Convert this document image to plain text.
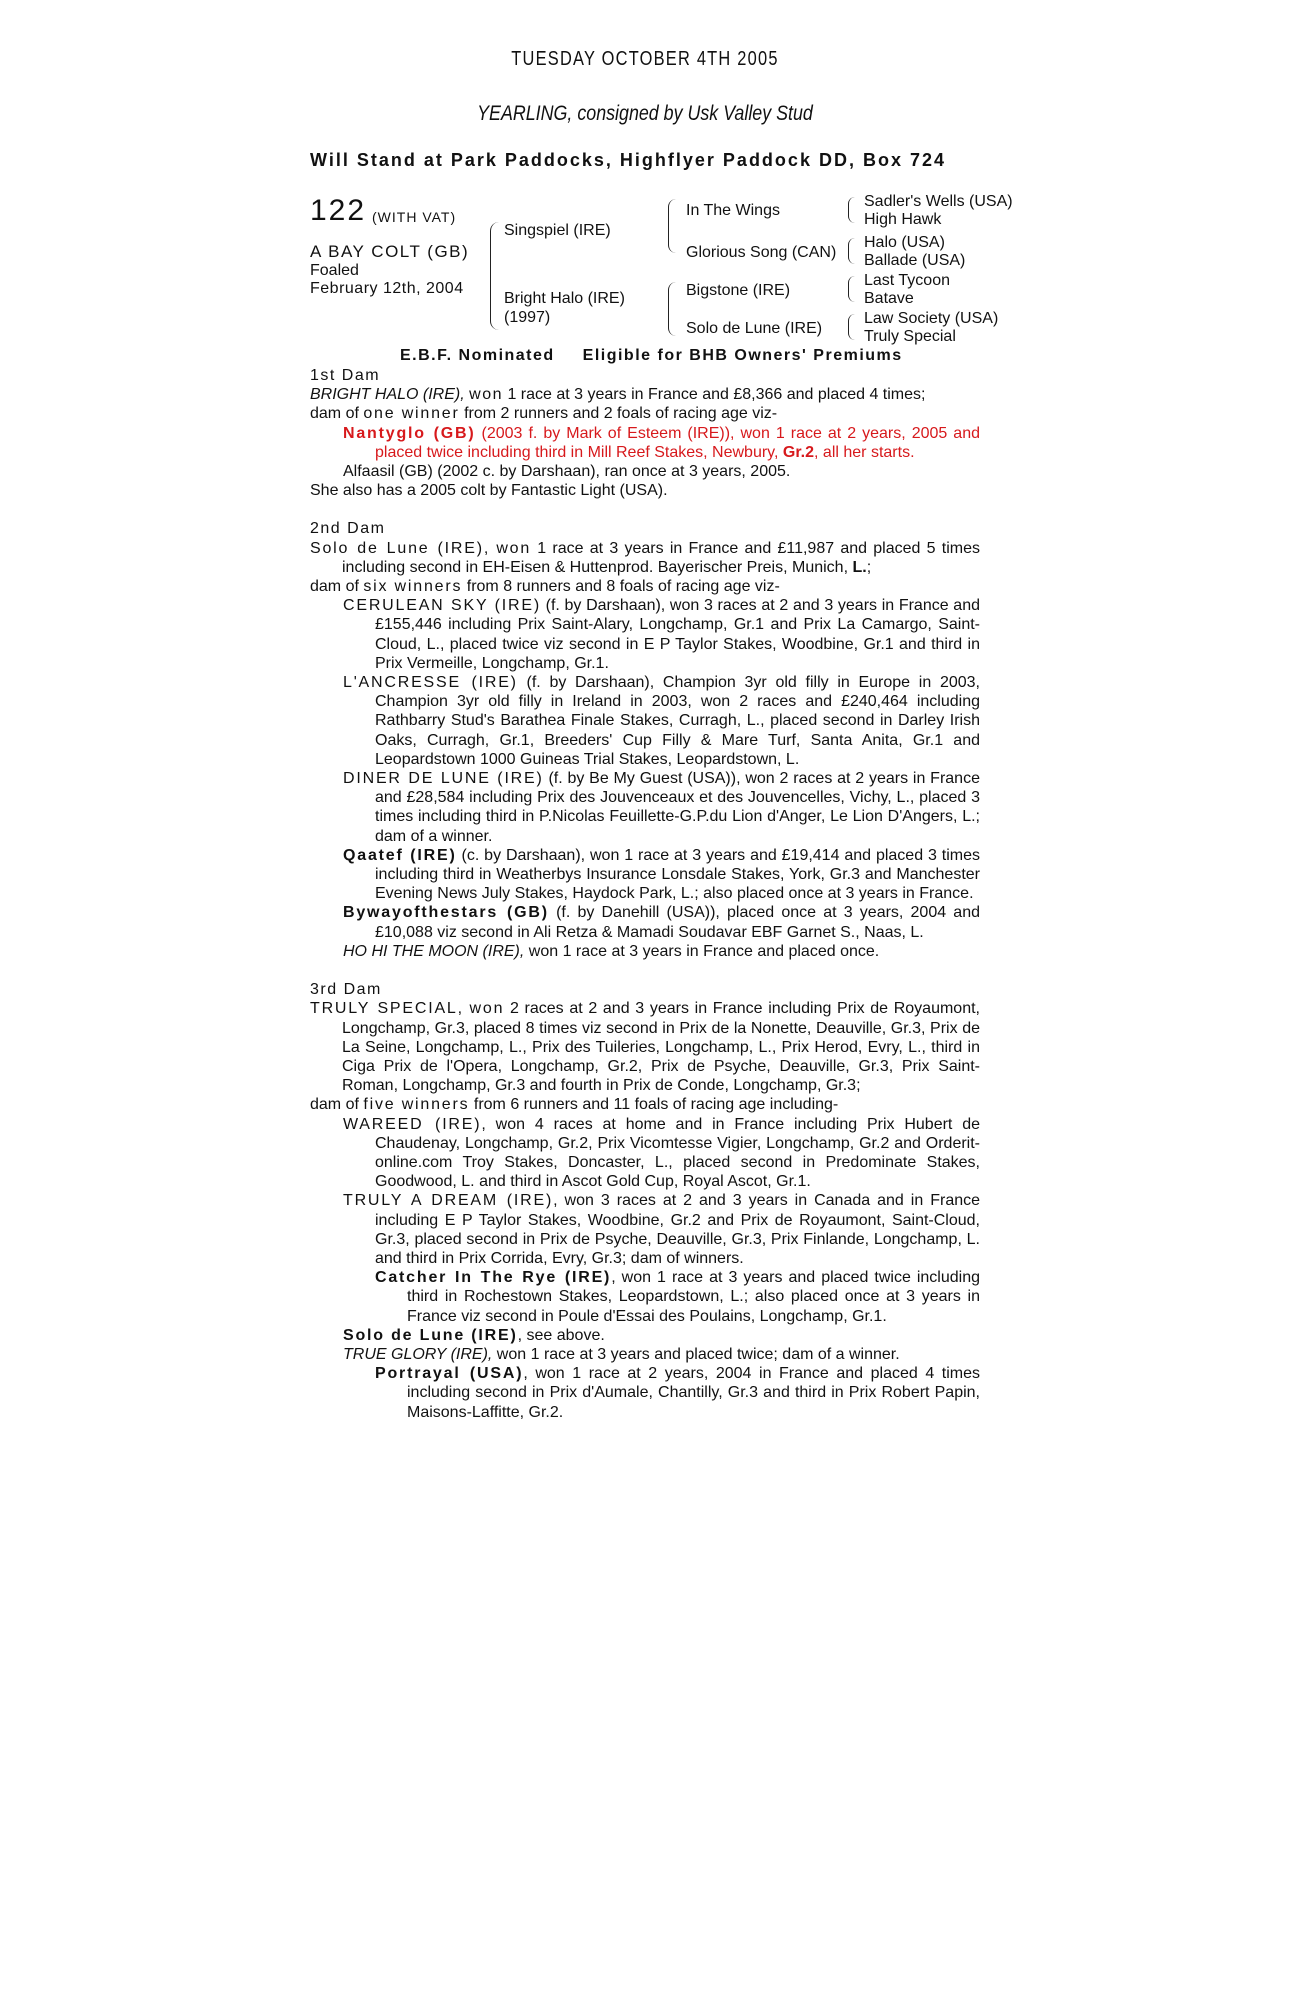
TUESDAY OCTOBER 4TH 2005
YEARLING, consigned by Usk Valley Stud
Will Stand at Park Paddocks, Highflyer Paddock DD, Box 724
122 (WITH VAT)
A BAY COLT (GB)
Foaled
February 12th, 2004
Singspiel (IRE)
Bright Halo (IRE)
(1997)
In The Wings
Glorious Song (CAN)
Bigstone (IRE)
Solo de Lune (IRE)
Sadler's Wells (USA)
High Hawk
Halo (USA)
Ballade (USA)
Last Tycoon
Batave
Law Society (USA)
Truly Special
E.B.F. Nominated Eligible for BHB Owners' Premiums

1st Dam

BRIGHT HALO (IRE), won 1 race at 3 years in France and £8,366 and placed 4 times;

dam of one winner from 2 runners and 2 foals of racing age viz-

Nantyglo (GB) (2003 f. by Mark of Esteem (IRE)), won 1 race at 2 years, 2005 and placed twice including third in Mill Reef Stakes, Newbury, Gr.2, all her starts.

Alfaasil (GB) (2002 c. by Darshaan), ran once at 3 years, 2005.

She also has a 2005 colt by Fantastic Light (USA).

2nd Dam

Solo de Lune (IRE), won 1 race at 3 years in France and £11,987 and placed 5 times including second in EH-Eisen & Huttenprod. Bayerischer Preis, Munich, L.;

dam of six winners from 8 runners and 8 foals of racing age viz-

CERULEAN SKY (IRE) (f. by Darshaan), won 3 races at 2 and 3 years in France and £155,446 including Prix Saint-Alary, Longchamp, Gr.1 and Prix La Camargo, Saint-Cloud, L., placed twice viz second in E P Taylor Stakes, Woodbine, Gr.1 and third in Prix Vermeille, Longchamp, Gr.1.

L'ANCRESSE (IRE) (f. by Darshaan), Champion 3yr old filly in Europe in 2003, Champion 3yr old filly in Ireland in 2003, won 2 races and £240,464 including Rathbarry Stud's Barathea Finale Stakes, Curragh, L., placed second in Darley Irish Oaks, Curragh, Gr.1, Breeders' Cup Filly & Mare Turf, Santa Anita, Gr.1 and Leopardstown 1000 Guineas Trial Stakes, Leopardstown, L.

DINER DE LUNE (IRE) (f. by Be My Guest (USA)), won 2 races at 2 years in France and £28,584 including Prix des Jouvenceaux et des Jouvencelles, Vichy, L., placed 3 times including third in P.Nicolas Feuillette-G.P.du Lion d'Anger, Le Lion D'Angers, L.; dam of a winner.

Qaatef (IRE) (c. by Darshaan), won 1 race at 3 years and £19,414 and placed 3 times including third in Weatherbys Insurance Lonsdale Stakes, York, Gr.3 and Manchester Evening News July Stakes, Haydock Park, L.; also placed once at 3 years in France.

Bywayofthestars (GB) (f. by Danehill (USA)), placed once at 3 years, 2004 and £10,088 viz second in Ali Retza & Mamadi Soudavar EBF Garnet S., Naas, L.

HO HI THE MOON (IRE), won 1 race at 3 years in France and placed once.

3rd Dam

TRULY SPECIAL, won 2 races at 2 and 3 years in France including Prix de Royaumont, Longchamp, Gr.3, placed 8 times viz second in Prix de la Nonette, Deauville, Gr.3, Prix de La Seine, Longchamp, L., Prix des Tuileries, Longchamp, L., Prix Herod, Evry, L., third in Ciga Prix de l'Opera, Longchamp, Gr.2, Prix de Psyche, Deauville, Gr.3, Prix Saint-Roman, Longchamp, Gr.3 and fourth in Prix de Conde, Longchamp, Gr.3;

dam of five winners from 6 runners and 11 foals of racing age including-

WAREED (IRE), won 4 races at home and in France including Prix Hubert de Chaudenay, Longchamp, Gr.2, Prix Vicomtesse Vigier, Longchamp, Gr.2 and Orderit-online.com Troy Stakes, Doncaster, L., placed second in Predominate Stakes, Goodwood, L. and third in Ascot Gold Cup, Royal Ascot, Gr.1.

TRULY A DREAM (IRE), won 3 races at 2 and 3 years in Canada and in France including E P Taylor Stakes, Woodbine, Gr.2 and Prix de Royaumont, Saint-Cloud, Gr.3, placed second in Prix de Psyche, Deauville, Gr.3, Prix Finlande, Longchamp, L. and third in Prix Corrida, Evry, Gr.3; dam of winners.

Catcher In The Rye (IRE), won 1 race at 3 years and placed twice including third in Rochestown Stakes, Leopardstown, L.; also placed once at 3 years in France viz second in Poule d'Essai des Poulains, Longchamp, Gr.1.

Solo de Lune (IRE), see above.

TRUE GLORY (IRE), won 1 race at 3 years and placed twice; dam of a winner.

Portrayal (USA), won 1 race at 2 years, 2004 in France and placed 4 times including second in Prix d'Aumale, Chantilly, Gr.3 and third in Prix Robert Papin, Maisons-Laffitte, Gr.2.
